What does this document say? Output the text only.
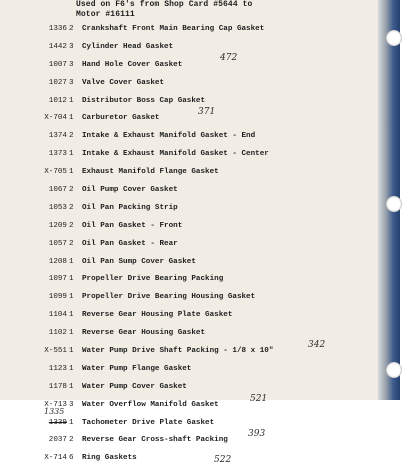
Used on F6's from Shop Card #5644 to
Motor #16111
1336 2 Crankshaft Front Main Bearing Cap Gasket
1442 3 Cylinder Head Gasket
1007 3 Hand Hole Cover Gasket
472
1027 3 Valve Cover Gasket
1012 1 Distributor Boss Cap Gasket
X-704 1 Carburetor Gasket
371
1374 2 Intake & Exhaust Manifold Gasket - End
1373 1 Intake & Exhaust Manifold Gasket - Center
X-705 1 Exhaust Manifold Flange Gasket
1067 2 Oil Pump Cover Gasket
1053 2 Oil Pan Packing Strip
1209 2 Oil Pan Gasket - Front
1057 2 Oil Pan Gasket - Rear
1208 1 Oil Pan Sump Cover Gasket
1097 1 Propeller Drive Bearing Packing
1099 1 Propeller Drive Bearing Housing Gasket
1104 1 Reverse Gear Housing Plate Gasket
1102 1 Reverse Gear Housing Gasket
X-551 1 Water Pump Drive Shaft Packing - 1/8 x 10"
342
1123 1 Water Pump Flange Gasket
1178 1 Water Pump Cover Gasket
X-713 3 Water Overflow Manifold Gasket
521
1339 1 Tachometer Drive Plate Gasket
1335
2037 2 Reverse Gear Cross-shaft Packing
393
X-714 6 Ring Gaskets	522
